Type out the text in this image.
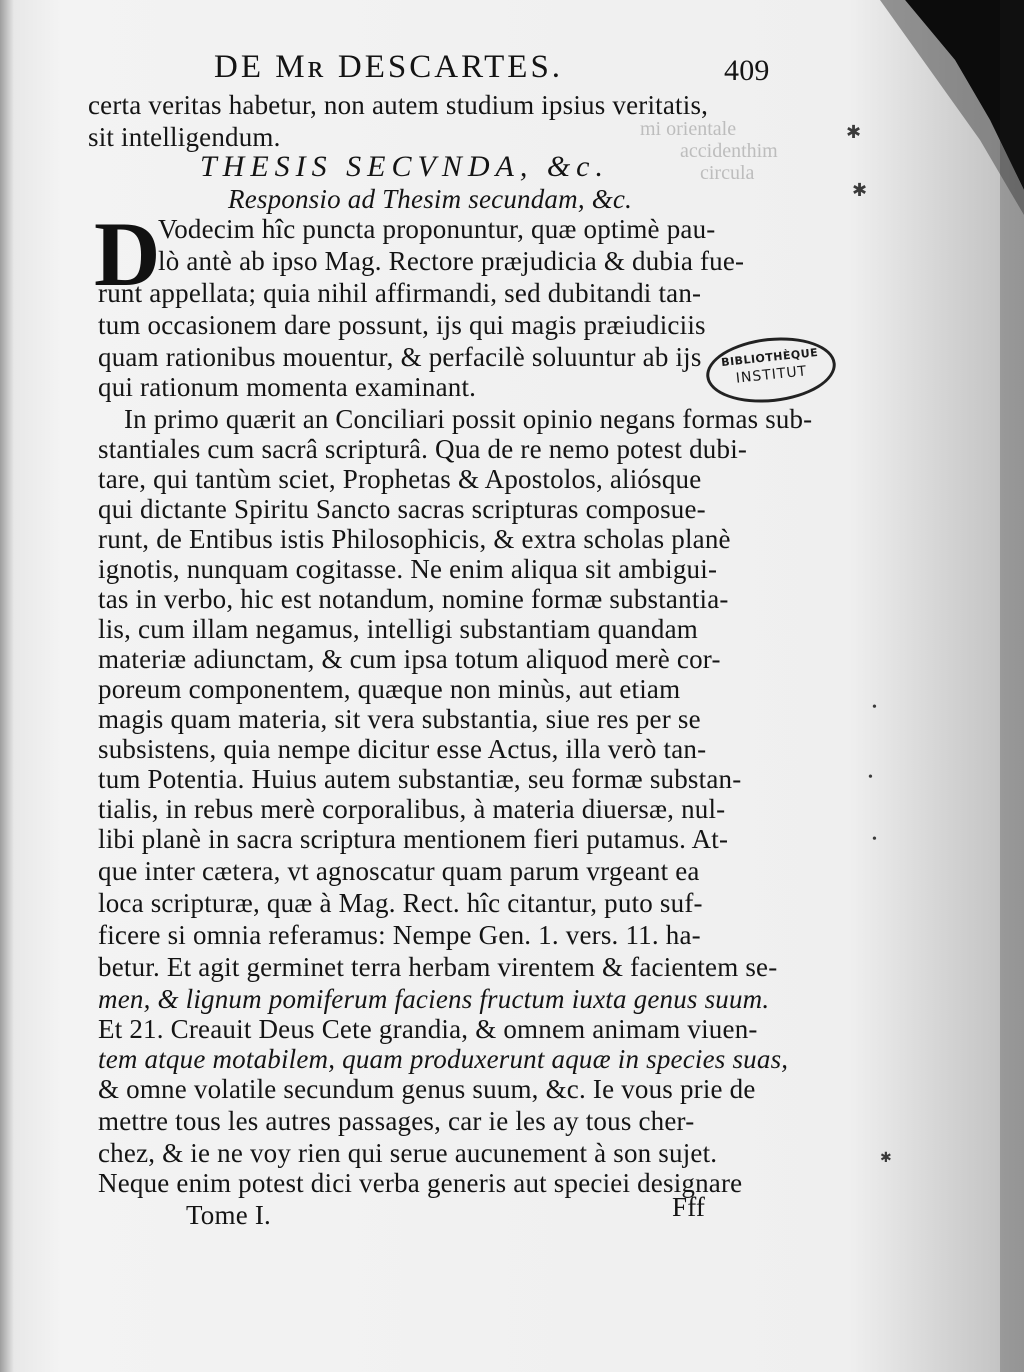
mi orientale
accidenthim
circula
✱
✱
•
•
•
✱
DE Mʀ DESCARTES.	409
certa veritas habetur, non autem studium ipsius veritatis,
sit intelligendum.
THESIS SECVNDA, &c.
Responsio ad Thesim secundam, &c.
D
Vodecim hîc puncta proponuntur, quæ optimè pau-
lò antè ab ipso Mag. Rectore præjudicia & dubia fue-
runt appellata; quia nihil affirmandi, sed dubitandi tan-
tum occasionem dare possunt, ijs qui magis præiudiciis
quam rationibus mouentur, & perfacilè soluuntur ab ijs
qui rationum momenta examinant.
BIBLIOTHÈQUE
INSTITUT
In primo quærit an Conciliari possit opinio negans formas sub-
stantiales cum sacrâ scripturâ. Qua de re nemo potest dubi-
tare, qui tantùm sciet, Prophetas & Apostolos, aliósque
qui dictante Spiritu Sancto sacras scripturas composue-
runt, de Entibus istis Philosophicis, & extra scholas planè
ignotis, nunquam cogitasse. Ne enim aliqua sit ambigui-
tas in verbo, hic est notandum, nomine formæ substantia-
lis, cum illam negamus, intelligi substantiam quandam
materiæ adiunctam, & cum ipsa totum aliquod merè cor-
poreum componentem, quæque non minùs, aut etiam
magis quam materia, sit vera substantia, siue res per se
subsistens, quia nempe dicitur esse Actus, illa verò tan-
tum Potentia. Huius autem substantiæ, seu formæ substan-
tialis, in rebus merè corporalibus, à materia diuersæ, nul-
libi planè in sacra scriptura mentionem fieri putamus. At-
que inter cætera, vt agnoscatur quam parum vrgeant ea
loca scripturæ, quæ à Mag. Rect. hîc citantur, puto suf-
ficere si omnia referamus: Nempe Gen. 1. vers. 11. ha-
betur. Et agit germinet terra herbam virentem & facientem se-
men, & lignum pomiferum faciens fructum iuxta genus suum.
Et 21. Creauit Deus Cete grandia, & omnem animam viuen-
tem atque motabilem, quam produxerunt aquæ in species suas,
& omne volatile secundum genus suum, &c. Ie vous prie de
mettre tous les autres passages, car ie les ay tous cher-
chez, & ie ne voy rien qui serue aucunement à son sujet.
Neque enim potest dici verba generis aut speciei designare
Tome I.	Fff
